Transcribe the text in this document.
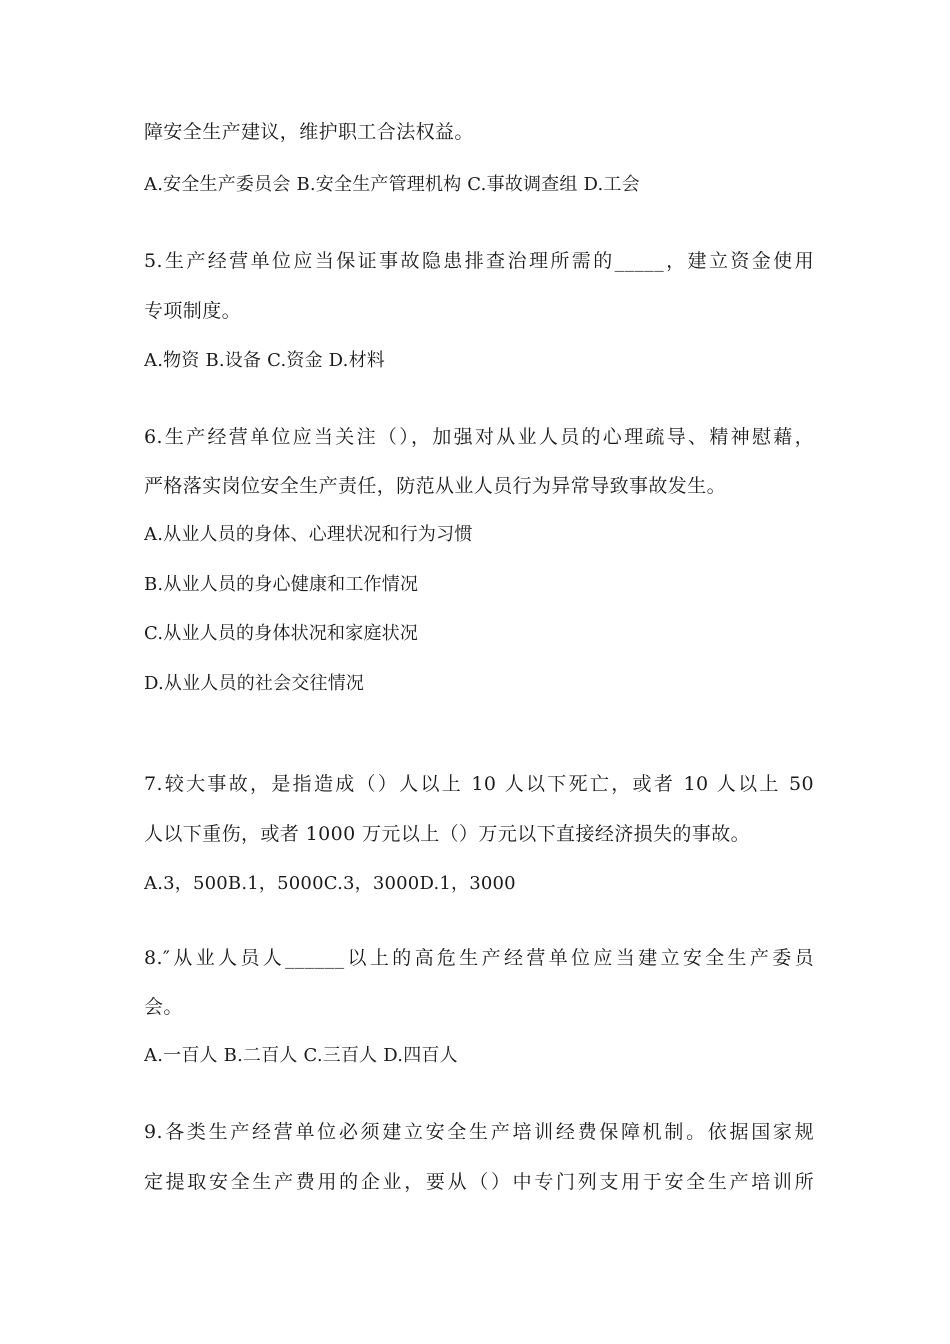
障安全生产建议，维护职工合法权益。
A.安全生产委员会 B.安全生产管理机构 C.事故调查组 D.工会
5.生产经营单位应当保证事故隐患排查治理所需的_____，建立资金使用
专项制度。
A.物资 B.设备 C.资金 D.材料
6.生产经营单位应当关注（），加强对从业人员的心理疏导、精神慰藉，
严格落实岗位安全生产责任，防范从业人员行为异常导致事故发生。
A.从业人员的身体、心理状况和行为习惯
B.从业人员的身心健康和工作情况
C.从业人员的身体状况和家庭状况
D.从业人员的社会交往情况
7.较大事故，是指造成（）人以上 10 人以下死亡，或者 10 人以上 50
人以下重伤，或者 1000 万元以上（）万元以下直接经济损失的事故。
A.3，500B.1，5000C.3，3000D.1，3000
8.″从业人员人______以上的高危生产经营单位应当建立安全生产委员
会。
A.一百人 B.二百人 C.三百人 D.四百人
9.各类生产经营单位必须建立安全生产培训经费保障机制。依据国家规
定提取安全生产费用的企业，要从（）中专门列支用于安全生产培训所
